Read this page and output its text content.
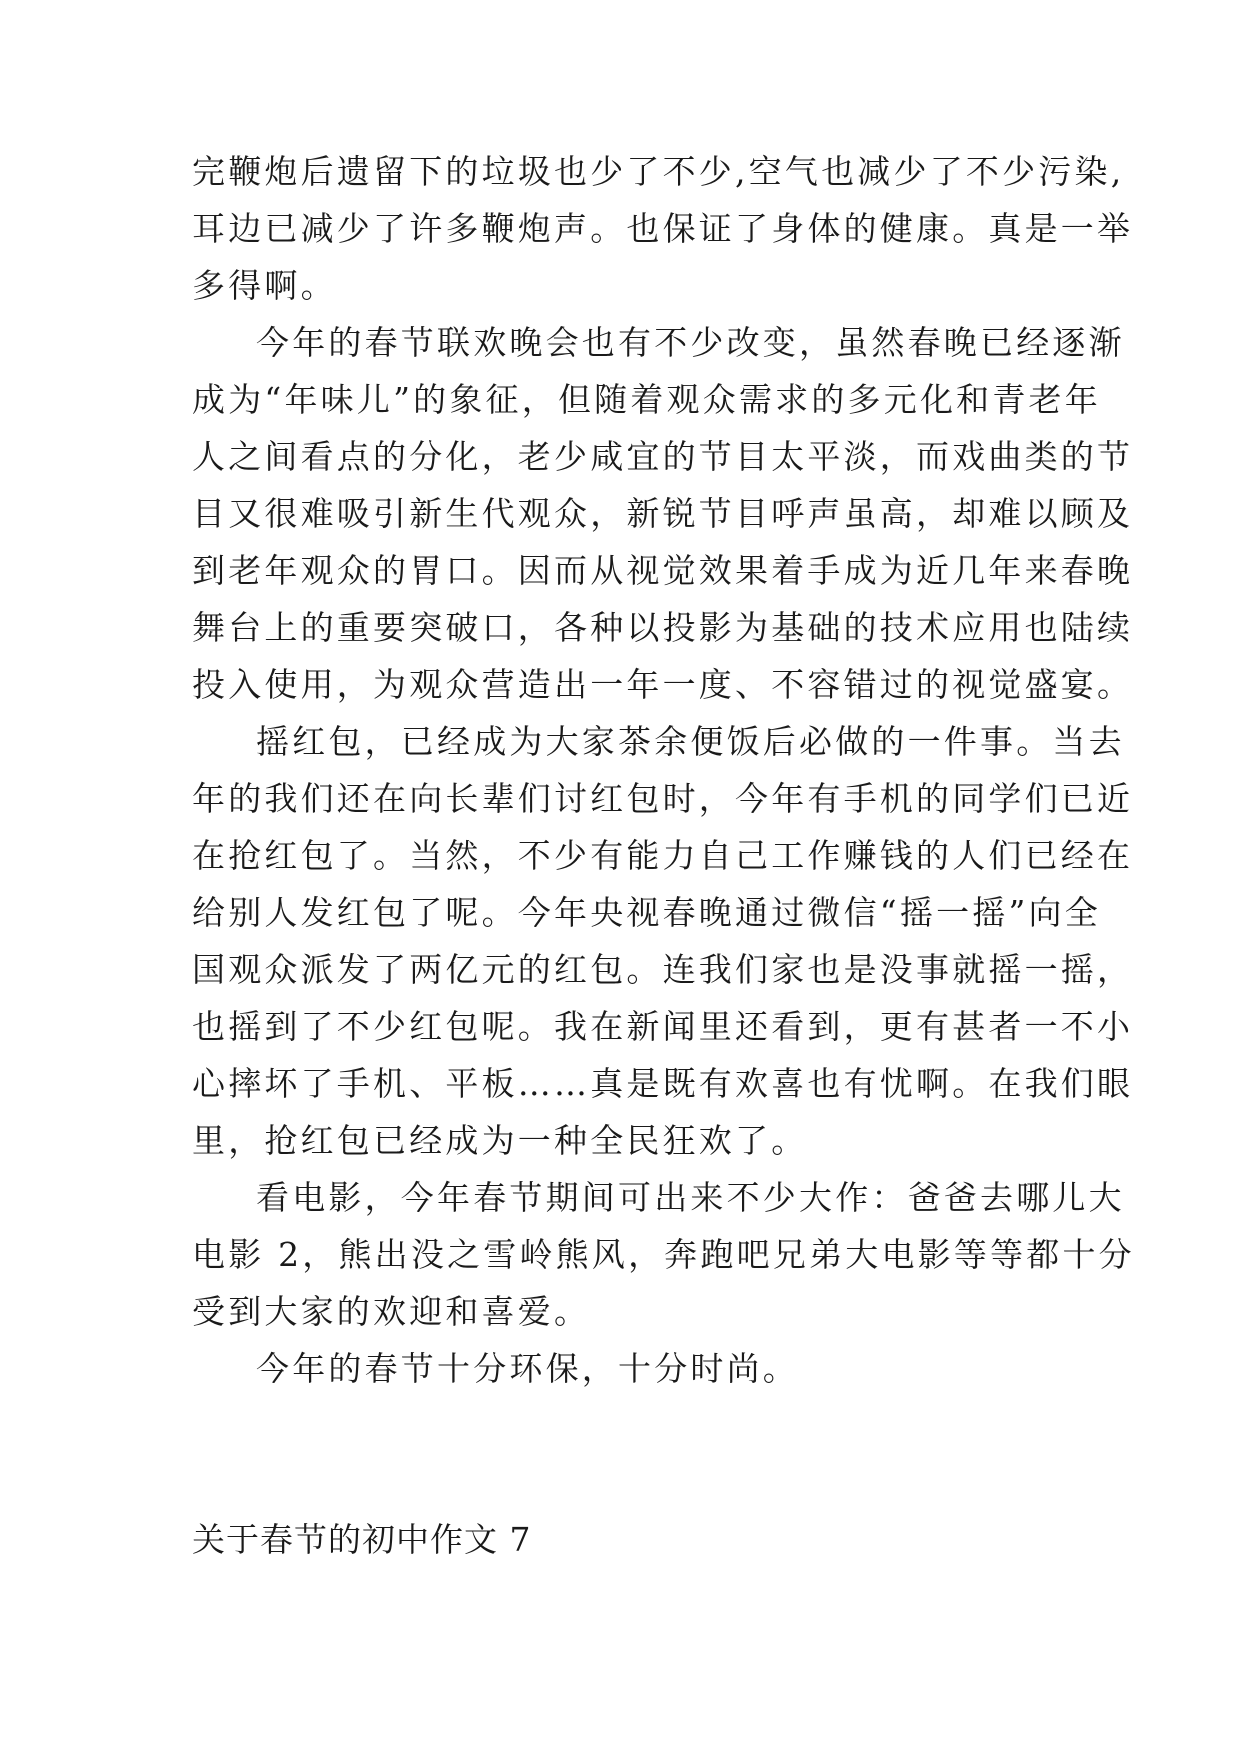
完鞭炮后遗留下的垃圾也少了不少,空气也减少了不少污染,
耳边已减少了许多鞭炮声。也保证了身体的健康。真是一举
多得啊。
今年的春节联欢晚会也有不少改变，虽然春晚已经逐渐
成为“年味儿”的象征，但随着观众需求的多元化和青老年
人之间看点的分化，老少咸宜的节目太平淡，而戏曲类的节
目又很难吸引新生代观众，新锐节目呼声虽高，却难以顾及
到老年观众的胃口。因而从视觉效果着手成为近几年来春晚
舞台上的重要突破口，各种以投影为基础的技术应用也陆续
投入使用，为观众营造出一年一度、不容错过的视觉盛宴。
摇红包，已经成为大家茶余便饭后必做的一件事。当去
年的我们还在向长辈们讨红包时，今年有手机的同学们已近
在抢红包了。当然，不少有能力自己工作赚钱的人们已经在
给别人发红包了呢。今年央视春晚通过微信“摇一摇”向全
国观众派发了两亿元的红包。连我们家也是没事就摇一摇，
也摇到了不少红包呢。我在新闻里还看到，更有甚者一不小
心摔坏了手机、平板……真是既有欢喜也有忧啊。在我们眼
里，抢红包已经成为一种全民狂欢了。
看电影，今年春节期间可出来不少大作：爸爸去哪儿大
电影 2，熊出没之雪岭熊风，奔跑吧兄弟大电影等等都十分
受到大家的欢迎和喜爱。
今年的春节十分环保，十分时尚。
关于春节的初中作文 7
